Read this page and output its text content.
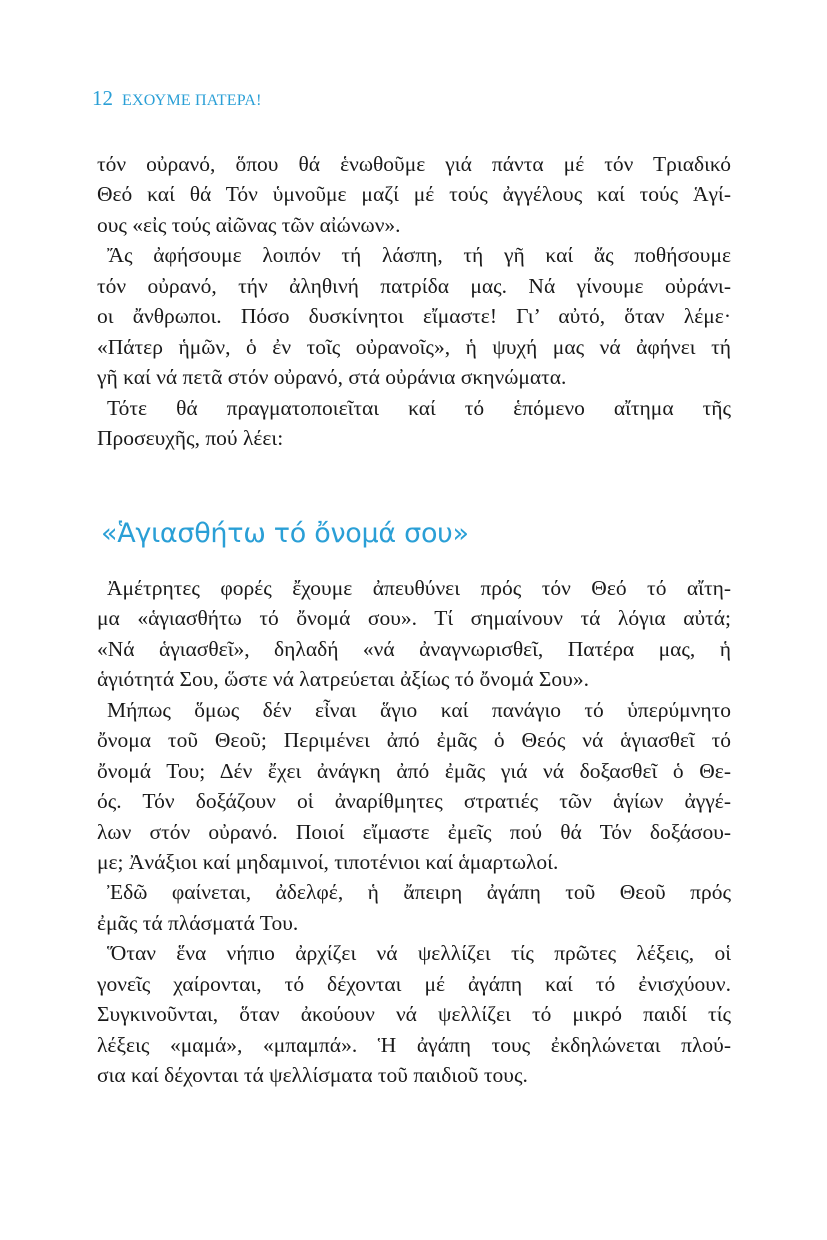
12 ΕΧΟΥΜΕ ΠΑΤΕΡΑ!
τόν οὐρανό, ὅπου θά ἑνωθοῦμε γιά πάντα μέ τόν Τριαδικό
Θεό καί θά Τόν ὑμνοῦμε μαζί μέ τούς ἀγγέλους καί τούς Ἁγί-
ους «εἰς τούς αἰῶνας τῶν αἰώνων».
Ἄς ἀφήσουμε λοιπόν τή λάσπη, τή γῆ καί ἄς ποθήσουμε
τόν οὐρανό, τήν ἀληθινή πατρίδα μας. Νά γίνουμε οὐράνι-
οι ἄνθρωποι. Πόσο δυσκίνητοι εἴμαστε! Γι’ αὐτό, ὅταν λέμε·
«Πάτερ ἡμῶν, ὁ ἐν τοῖς οὐρανοῖς», ἡ ψυχή μας νά ἀφήνει τή
γῆ καί νά πετᾶ στόν οὐρανό, στά οὐράνια σκηνώματα.
Τότε θά πραγματοποιεῖται καί τό ἑπόμενο αἴτημα τῆς
Προσευχῆς, πού λέει:
«Ἁγιασθήτω τό ὄνομά σου»
Ἀμέτρητες φορές ἔχουμε ἀπευθύνει πρός τόν Θεό τό αἴτη-
μα «ἁγιασθήτω τό ὄνομά σου». Τί σημαίνουν τά λόγια αὐτά;
«Νά ἁγιασθεῖ», δηλαδή «νά ἀναγνωρισθεῖ, Πατέρα μας, ἡ
ἁγιότητά Σου, ὥστε νά λατρεύεται ἀξίως τό ὄνομά Σου».
Μήπως ὅμως δέν εἶναι ἅγιο καί πανάγιο τό ὑπερύμνητο
ὄνομα τοῦ Θεοῦ; Περιμένει ἀπό ἐμᾶς ὁ Θεός νά ἁγιασθεῖ τό
ὄνομά Του; Δέν ἔχει ἀνάγκη ἀπό ἐμᾶς γιά νά δοξασθεῖ ὁ Θε-
ός. Τόν δοξάζουν οἱ ἀναρίθμητες στρατιές τῶν ἁγίων ἀγγέ-
λων στόν οὐρανό. Ποιοί εἴμαστε ἐμεῖς πού θά Τόν δοξάσου-
με; Ἀνάξιοι καί μηδαμινοί, τιποτένιοι καί ἁμαρτωλοί.
Ἐδῶ φαίνεται, ἀδελφέ, ἡ ἄπειρη ἀγάπη τοῦ Θεοῦ πρός
ἐμᾶς τά πλάσματά Του.
Ὅταν ἕνα νήπιο ἀρχίζει νά ψελλίζει τίς πρῶτες λέξεις, οἱ
γονεῖς χαίρονται, τό δέχονται μέ ἀγάπη καί τό ἐνισχύουν.
Συγκινοῦνται, ὅταν ἀκούουν νά ψελλίζει τό μικρό παιδί τίς
λέξεις «μαμά», «μπαμπά». Ἡ ἀγάπη τους ἐκδηλώνεται πλού-
σια καί δέχονται τά ψελλίσματα τοῦ παιδιοῦ τους.
